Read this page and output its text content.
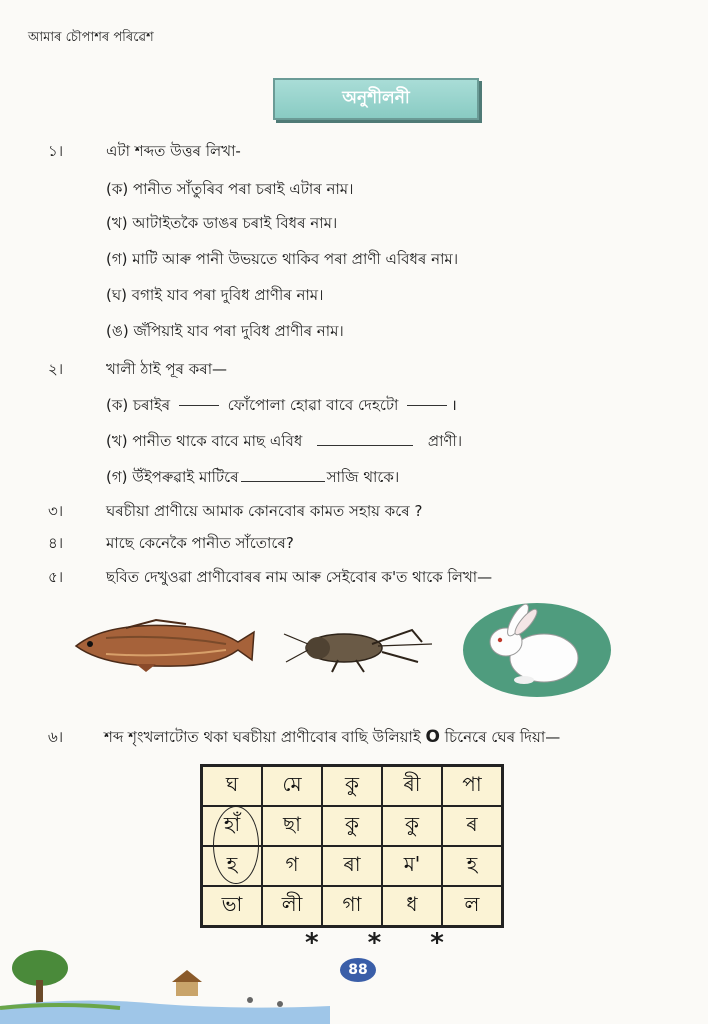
আমাৰ চৌপাশৰ পৰিৱেশ
অনুশীলনী
১।	এটা শব্দত উত্তৰ লিখা-
(ক) পানীত সাঁতুৰিব পৰা চৰাই এটাৰ নাম।
(খ) আটাইতকৈ ডাঙৰ চৰাই বিধৰ নাম।
(গ) মাটি আৰু পানী উভয়তে থাকিব পৰা প্ৰাণী এবিধৰ নাম।
(ঘ) বগাই যাব পৰা দুবিধ প্ৰাণীৰ নাম।
(ঙ) জঁপিয়াই যাব পৰা দুবিধ প্ৰাণীৰ নাম।
২।	খালী ঠাই পূৰ কৰা—
(ক) চৰাইৰ	ফোঁপোলা হোৱা বাবে দেহটো	।
(খ) পানীত থাকে বাবে মাছ এবিধ	প্ৰাণী।
(গ) উঁইপৰুৱাই মাটিৰে	সাজি থাকে।
৩।	ঘৰচীয়া প্ৰাণীয়ে আমাক কোনবোৰ কামত সহায় কৰে ?
৪।	মাছে কেনেকৈ পানীত সাঁতোৰে?
৫।	ছবিত দেখুওৱা প্ৰাণীবোৰৰ নাম আৰু সেইবোৰ ক'ত থাকে লিখা—
৬।	শব্দ শৃংখলাটোত থকা ঘৰচীয়া প্ৰাণীবোৰ বাছি উলিয়াই O চিনেৰে ঘেৰ দিয়া—
ঘ	মে	কু	ৰী	পা
হাঁ	ছা	কু	কু	ৰ
হ	গ	ৰা	ম'	হ
ভা	লী	গা	ধ	ল
* * *
88
